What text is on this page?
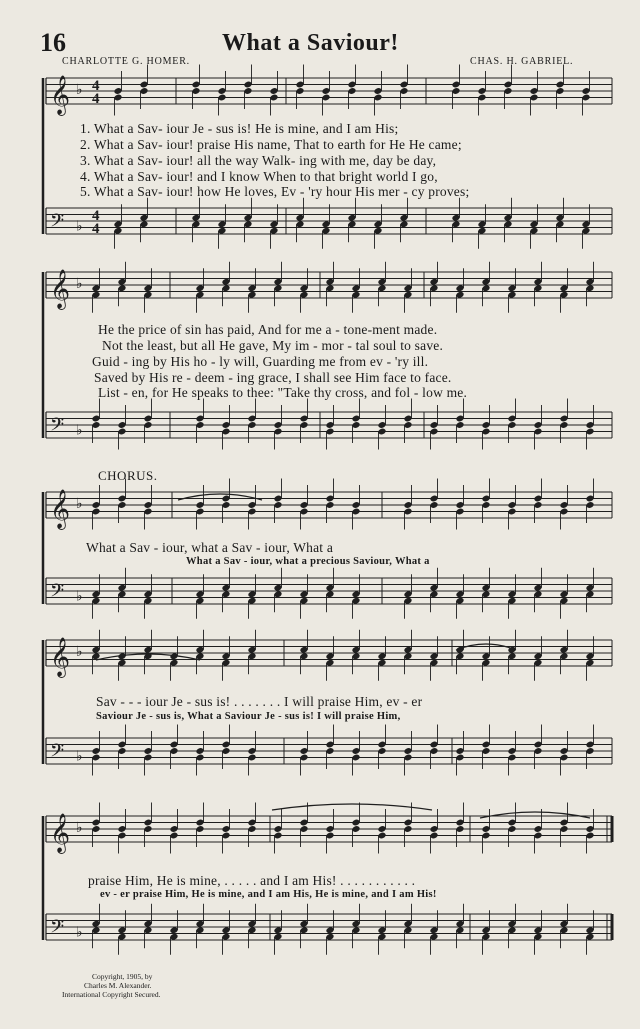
𝄞 ♭
𝄢 ♭
𝄞 ♭
𝄢 ♭
𝄞 ♭
𝄢 ♭
𝄞 ♭
𝄢 ♭
𝄞 ♭
𝄢 ♭
4
4
4
4
16	What a Saviour!
CHARLOTTE G. HOMER.	CHAS. H. GABRIEL.
1. What a Sav- iour Je - sus is! He is mine, and I am His;
2. What a Sav- iour! praise His name, That to earth for He He came;
3. What a Sav- iour! all the way Walk- ing with me, day be day,
4. What a Sav- iour! and I know When to that bright world I go,
5. What a Sav- iour! how He loves, Ev - 'ry hour His mer - cy proves;
He the price of sin has paid, And for me a - tone-ment made.
Not the least, but all He gave, My im - mor - tal soul to save.
Guid - ing by His ho - ly will, Guarding me from ev - 'ry ill.
Saved by His re - deem - ing grace, I shall see Him face to face.
List - en, for He speaks to thee: "Take thy cross, and fol - low me.
CHORUS.
What a Sav - iour, what a Sav - iour, What a
What a Sav - iour, what a precious Saviour, What a
Sav - - - iour Je - sus is! . . . . . . . I will praise Him, ev - er
Saviour Je - sus is, What a Saviour Je - sus is! I will praise Him,
praise Him, He is mine, . . . . . and I am His! . . . . . . . . . . .
ev - er praise Him, He is mine, and I am His, He is mine, and I am His!
Copyright, 1905, by
Charles M. Alexander.
International Copyright Secured.
